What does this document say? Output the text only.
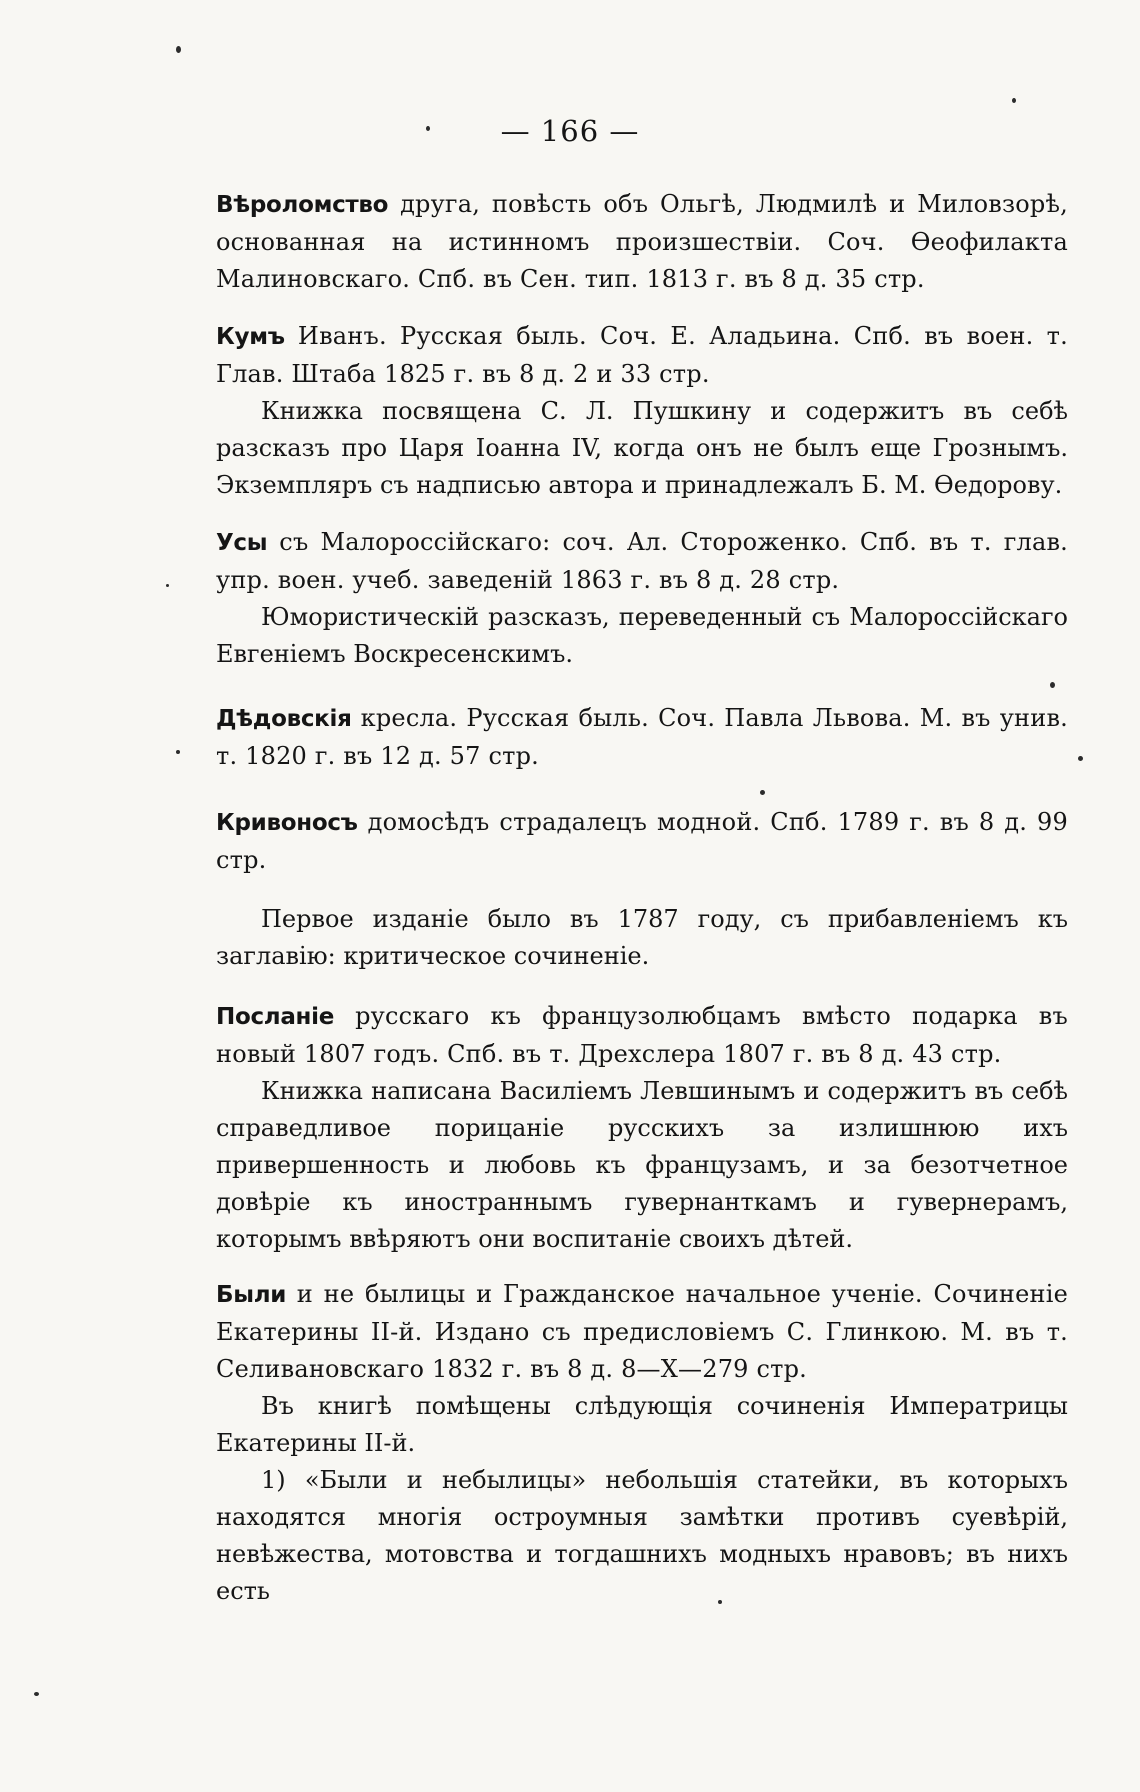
— 166 —

Вѣроломство друга, повѣсть объ Ольгѣ, Людмилѣ и Миловзорѣ, основанная на истинномъ произшествіи. Соч. Ѳеофилакта Малиновскаго. Спб. въ Сен. тип. 1813 г. въ 8 д. 35 стр.

Кумъ Иванъ. Русская быль. Соч. Е. Аладьина. Спб. въ воен. т. Глав. Штаба 1825 г. въ 8 д. 2 и 33 стр.

Книжка посвящена С. Л. Пушкину и содержитъ въ себѣ разсказъ про Царя Іоанна IV, когда онъ не былъ еще Грознымъ. Экземпляръ съ надписью автора и принадлежалъ Б. М. Ѳедорову.

Усы съ Малороссійскаго: соч. Ал. Стороженко. Спб. въ т. глав. упр. воен. учеб. заведеній 1863 г. въ 8 д. 28 стр.

Юмористическій разсказъ, переведенный съ Малороссійскаго Евгеніемъ Воскресенскимъ.

Дѣдовскія кресла. Русская быль. Соч. Павла Львова. М. въ унив. т. 1820 г. въ 12 д. 57 стр.

Кривоносъ домосѣдъ страдалецъ модной. Спб. 1789 г. въ 8 д. 99 стр.

Первое изданіе было въ 1787 году, съ прибавленіемъ къ заглавію: критическое сочиненіе.

Посланіе русскаго къ французолюбцамъ вмѣсто подарка въ новый 1807 годъ. Спб. въ т. Дрехслера 1807 г. въ 8 д. 43 стр.

Книжка написана Василіемъ Левшинымъ и содержитъ въ себѣ справедливое порицаніе русскихъ за излишнюю ихъ привершенность и любовь къ французамъ, и за безотчетное довѣріе къ иностраннымъ гувернанткамъ и гувернерамъ, которымъ ввѣряютъ они воспитаніе своихъ дѣтей.

Были и не былицы и Гражданское начальное ученіе. Сочиненіе Екатерины II-й. Издано съ предисловіемъ С. Глинкою. М. въ т. Селивановскаго 1832 г. въ 8 д. 8—X—279 стр.

Въ книгѣ помѣщены слѣдующія сочиненія Императрицы Екатерины II-й.

1) «Были и небылицы» небольшія статейки, въ которыхъ находятся многія остроумныя замѣтки противъ суевѣрій, невѣжества, мотовства и тогдашнихъ модныхъ нравовъ; въ нихъ есть
